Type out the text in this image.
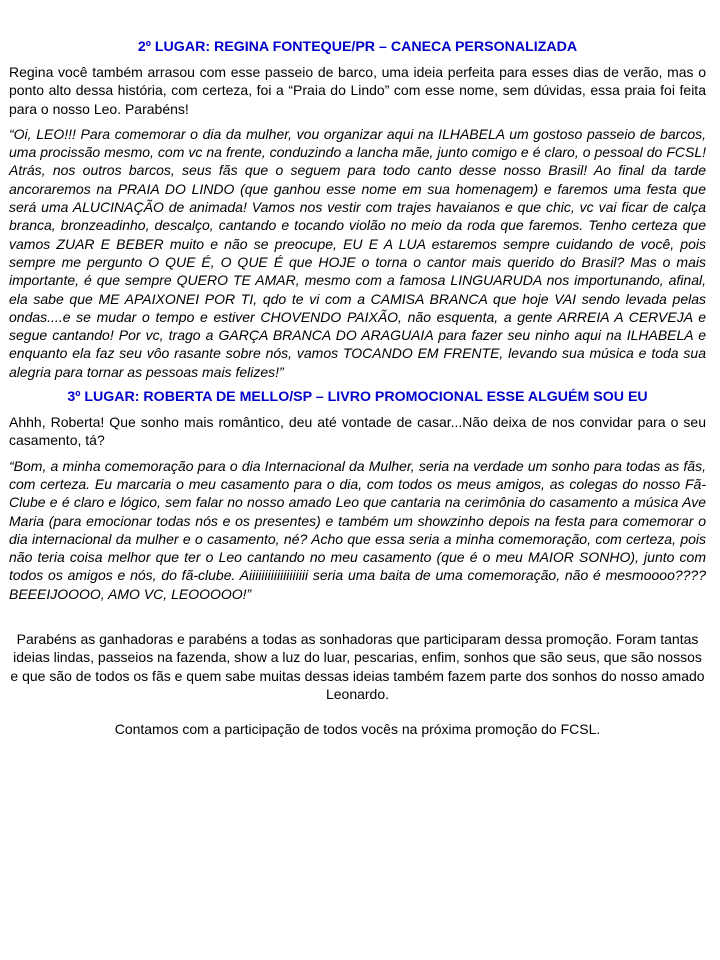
2º LUGAR: REGINA FONTEQUE/PR – CANECA PERSONALIZADA

Regina você também arrasou com esse passeio de barco, uma ideia perfeita para esses dias de verão, mas o ponto alto dessa história, com certeza, foi a “Praia do Lindo” com esse nome, sem dúvidas, essa praia foi feita para o nosso Leo. Parabéns!

“Oi, LEO!!! Para comemorar o dia da mulher, vou organizar aqui na ILHABELA um gostoso passeio de barcos, uma procissão mesmo, com vc na frente, conduzindo a lancha mãe, junto comigo e é claro, o pessoal do FCSL! Atrás, nos outros barcos, seus fãs que o seguem para todo canto desse nosso Brasil! Ao final da tarde ancoraremos na PRAIA DO LINDO (que ganhou esse nome em sua homenagem) e faremos uma festa que será uma ALUCINAÇÃO de animada! Vamos nos vestir com trajes havaianos e que chic, vc vai ficar de calça branca, bronzeadinho, descalço, cantando e tocando violão no meio da roda que faremos. Tenho certeza que vamos ZUAR E BEBER muito e não se preocupe, EU E A LUA estaremos sempre cuidando de você, pois sempre me pergunto O QUE É, O QUE É que HOJE o torna o cantor mais querido do Brasil? Mas o mais importante, é que sempre QUERO TE AMAR, mesmo com a famosa LINGUARUDA nos importunando, afinal, ela sabe que ME APAIXONEI POR TI, qdo te vi com a CAMISA BRANCA que hoje VAI sendo levada pelas ondas....e se mudar o tempo e estiver CHOVENDO PAIXÃO, não esquenta, a gente ARREIA A CERVEJA e segue cantando! Por vc, trago a GARÇA BRANCA DO ARAGUAIA para fazer seu ninho aqui na ILHABELA e enquanto ela faz seu vôo rasante sobre nós, vamos TOCANDO EM FRENTE, levando sua música e toda sua alegria para tornar as pessoas mais felizes!”

3º LUGAR: ROBERTA DE MELLO/SP – LIVRO PROMOCIONAL ESSE ALGUÉM SOU EU

Ahhh, Roberta! Que sonho mais romântico, deu até vontade de casar...Não deixa de nos convidar para o seu casamento, tá?

“Bom, a minha comemoração para o dia Internacional da Mulher, seria na verdade um sonho para todas as fãs, com certeza. Eu marcaria o meu casamento para o dia, com todos os meus amigos, as colegas do nosso Fã-Clube e é claro e lógico, sem falar no nosso amado Leo que cantaria na cerimônia do casamento a música Ave Maria (para emocionar todas nós e os presentes) e também um showzinho depois na festa para comemorar o dia internacional da mulher e o casamento, né? Acho que essa seria a minha comemoração, com certeza, pois não teria coisa melhor que ter o Leo cantando no meu casamento (que é o meu MAIOR SONHO), junto com todos os amigos e nós, do fã-clube. Aiiiiiiiiiiiiiiiiiii seria uma baita de uma comemoração, não é mesmoooo???? BEEEIJOOOO, AMO VC, LEOOOOO!”

Parabéns as ganhadoras e parabéns a todas as sonhadoras que participaram dessa promoção. Foram tantas ideias lindas, passeios na fazenda, show a luz do luar, pescarias, enfim, sonhos que são seus, que são nossos e que são de todos os fãs e quem sabe muitas dessas ideias também fazem parte dos sonhos do nosso amado Leonardo.

Contamos com a participação de todos vocês na próxima promoção do FCSL.
